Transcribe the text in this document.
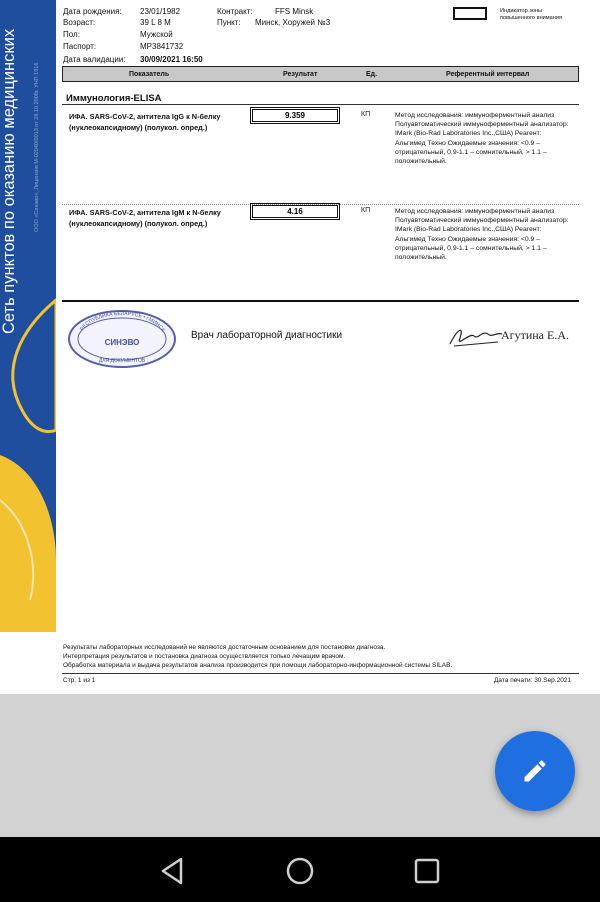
Сеть пунктов по оказанию медицинских	ООО «Синэво», Лицензия М-02040/0013 от 28.10.2008г. УНП 1916
Дата рождения: 23/01/1982
Возраст:	39 L 8 M
Пол:	Мужской
Паспорт:	MP3841732
Дата валидации: 30/09/2021 16:50
Контракт:	FFS Minsk
Пункт: Минск, Хоружей №3
Индикатор зоны повышенного внимания
Показатель	Результат	Ед.	Референтный интервал
Иммунология-ELISA
ИФА. SARS-CoV-2, антитела IgG к N-белку (нуклеокапсидному) (полукол. опред.)
9.359	КП	Метод исследования: иммуноферментный анализ Полуавтоматический иммуноферментный анализатор: IMark (Bio-Rad Laboratories Inc.,США) Реагент: Альгимед Техно Ожидаемые значения: <0.9 – отрицательный, 0.9-1.1 – сомнительный, > 1.1 – положительный.
ИФА. SARS-CoV-2, антитела IgM к N-белку (нуклеокапсидному) (полукол. опред.)
4.16	КП	Метод исследования: иммуноферментный анализ Полуавтоматический иммуноферментный анализатор: IMark (Bio-Rad Laboratories Inc.,США) Реагент: Альгимед Техно Ожидаемые значения: <0.9 – отрицательный, 0.9-1.1 – сомнительный, > 1.1 – положительный.
РЕСПУБЛИКА БЕЛАРУСЬ • г.МИНСК
СИНЭВО
ДЛЯ ДОКУМЕНТОВ
Врач лабораторной диагностики	Агутина Е.А.
Результаты лабораторных исследований не являются достаточным основанием для постановки диагноза.
Интерпретация результатов и постановка диагноза осуществляется только лечащим врачом.
Обработка материала и выдача результатов анализа производится при помощи лабораторно-информационной системы SILAB.
Стр. 1 из 1	Дата печати: 30.Sep.2021
